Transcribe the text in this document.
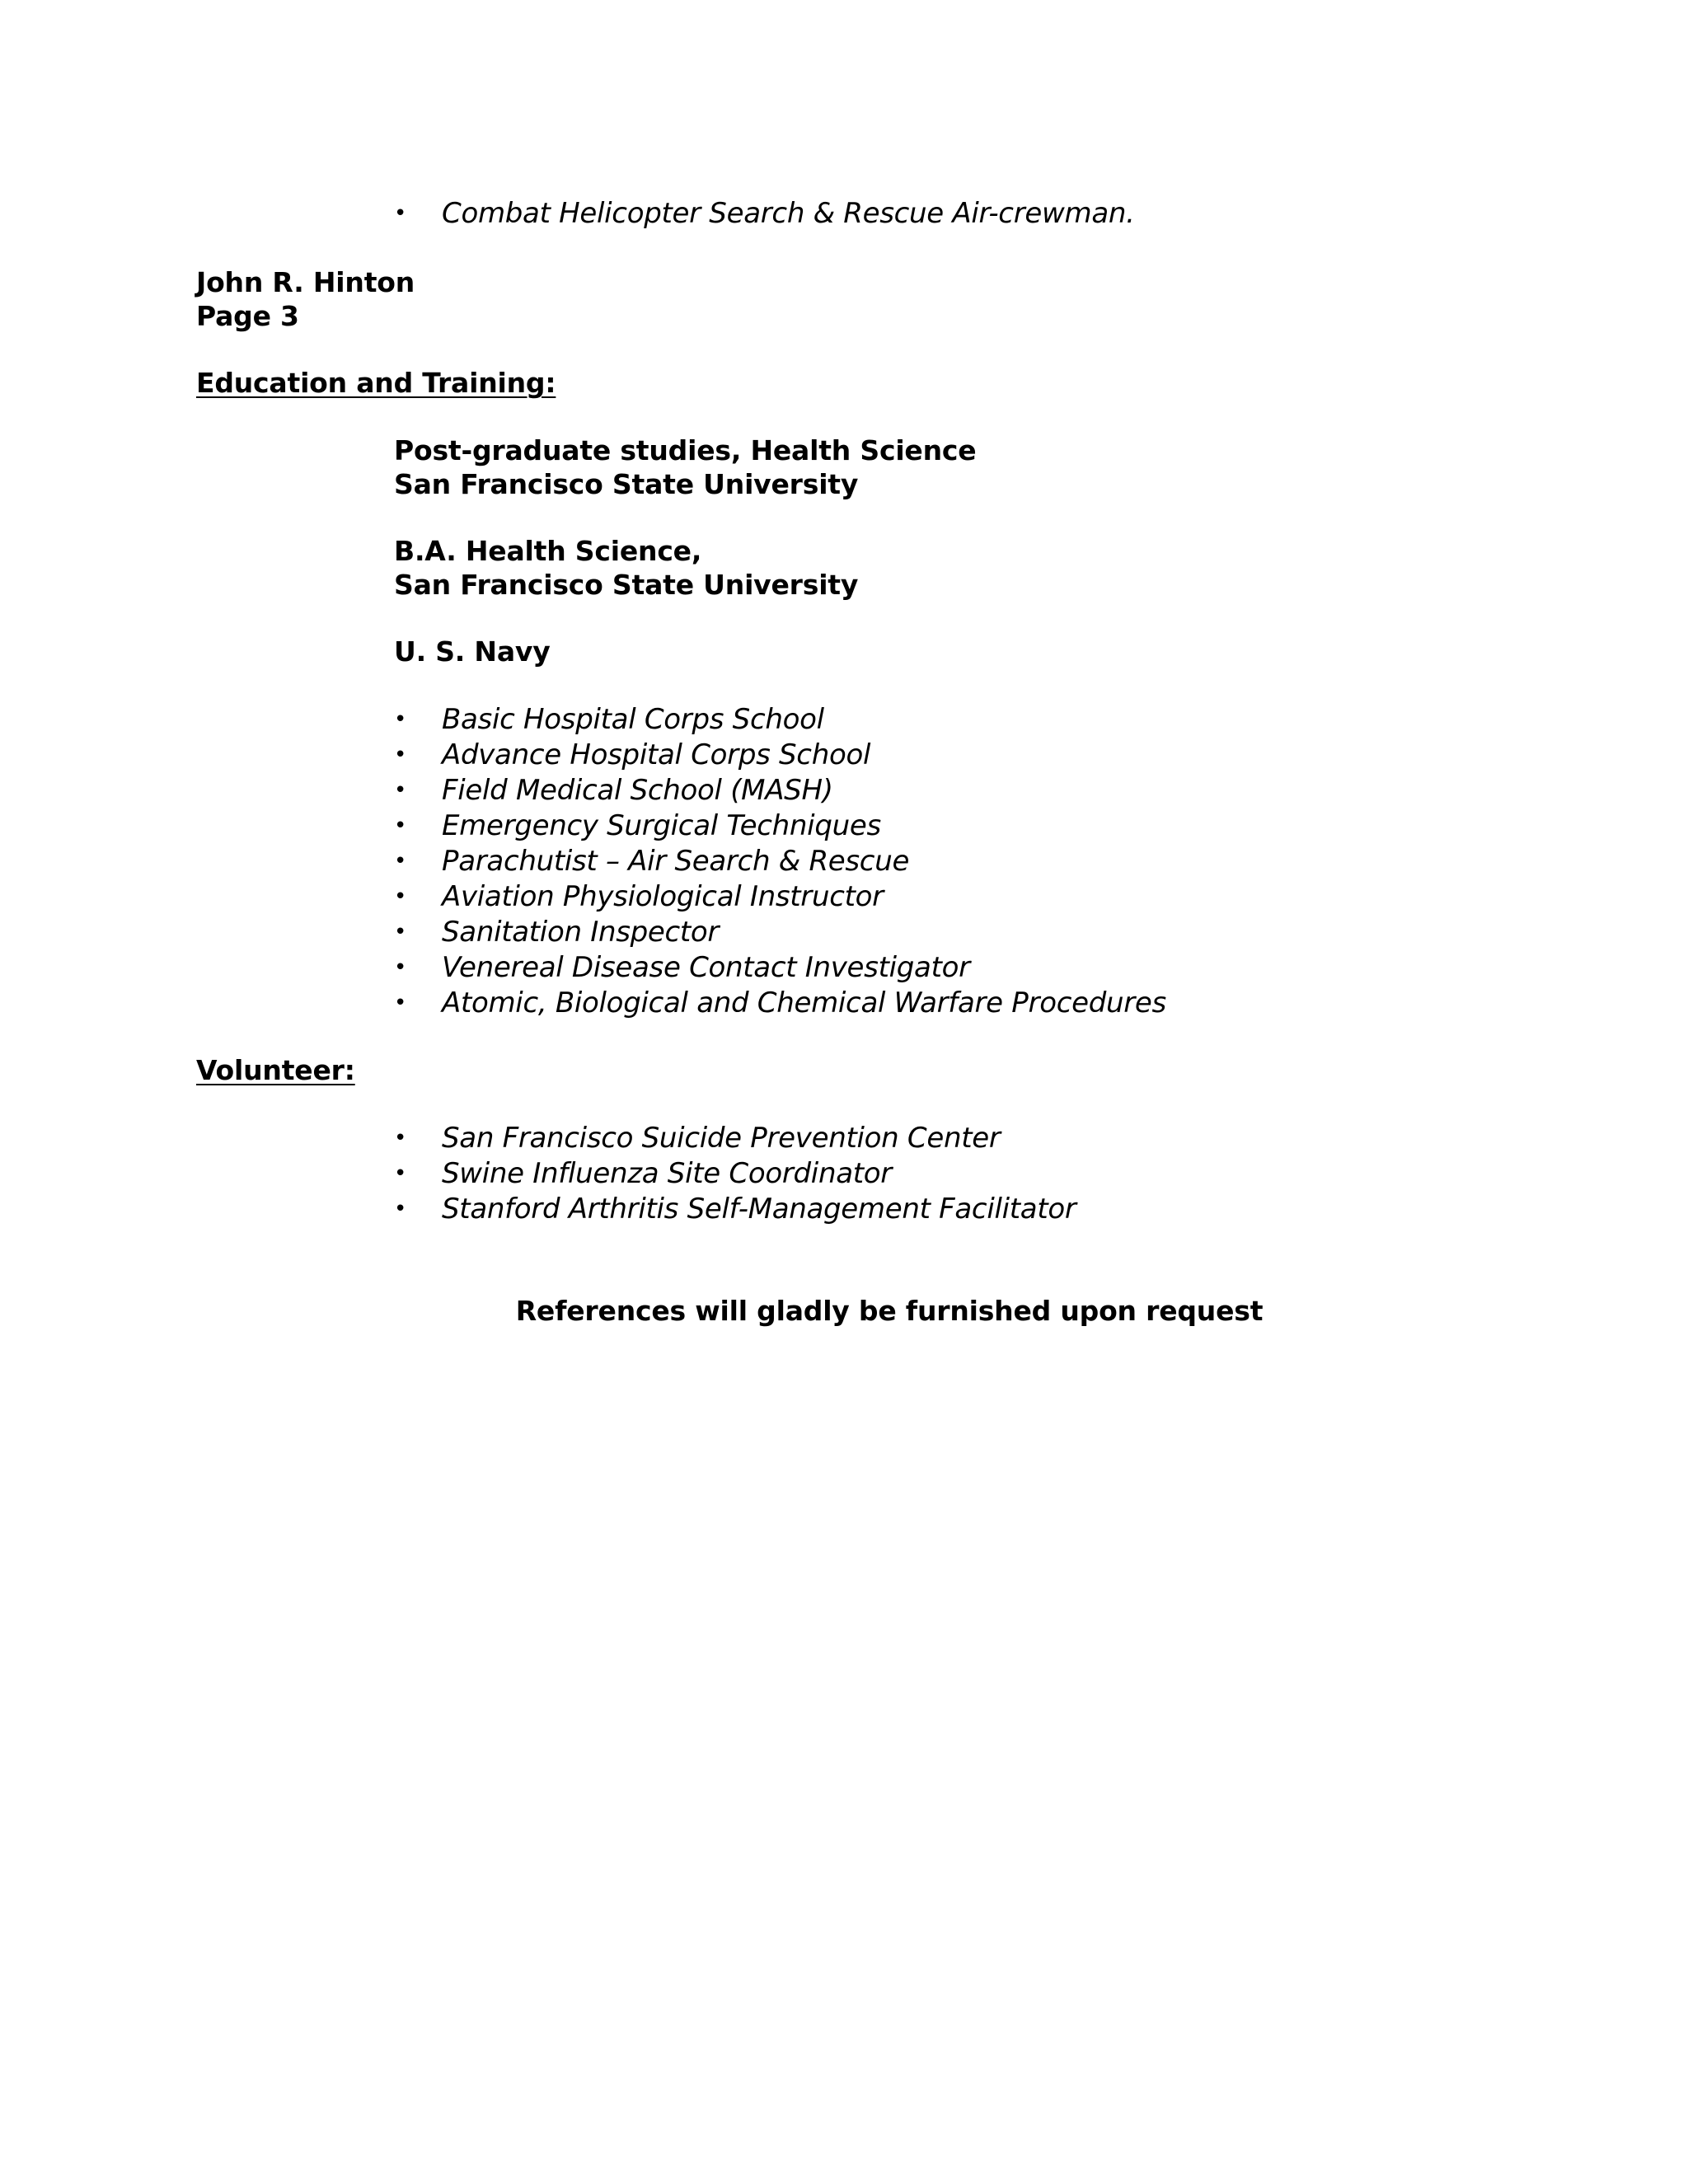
•	Combat Helicopter Search & Rescue Air-crewman.
John R. Hinton
Page 3
Education and Training:
Post-graduate studies, Health Science
San Francisco State University
B.A. Health Science,
San Francisco State University
U. S. Navy
•	Basic Hospital Corps School
•	Advance Hospital Corps School
•	Field Medical School (MASH)
•	Emergency Surgical Techniques
•	Parachutist – Air Search & Rescue
•	Aviation Physiological Instructor
•	Sanitation Inspector
•	Venereal Disease Contact Investigator
•	Atomic, Biological and Chemical Warfare Procedures
Volunteer:
•	San Francisco Suicide Prevention Center
•	Swine Influenza Site Coordinator
•	Stanford Arthritis Self-Management Facilitator
References will gladly be furnished upon request
